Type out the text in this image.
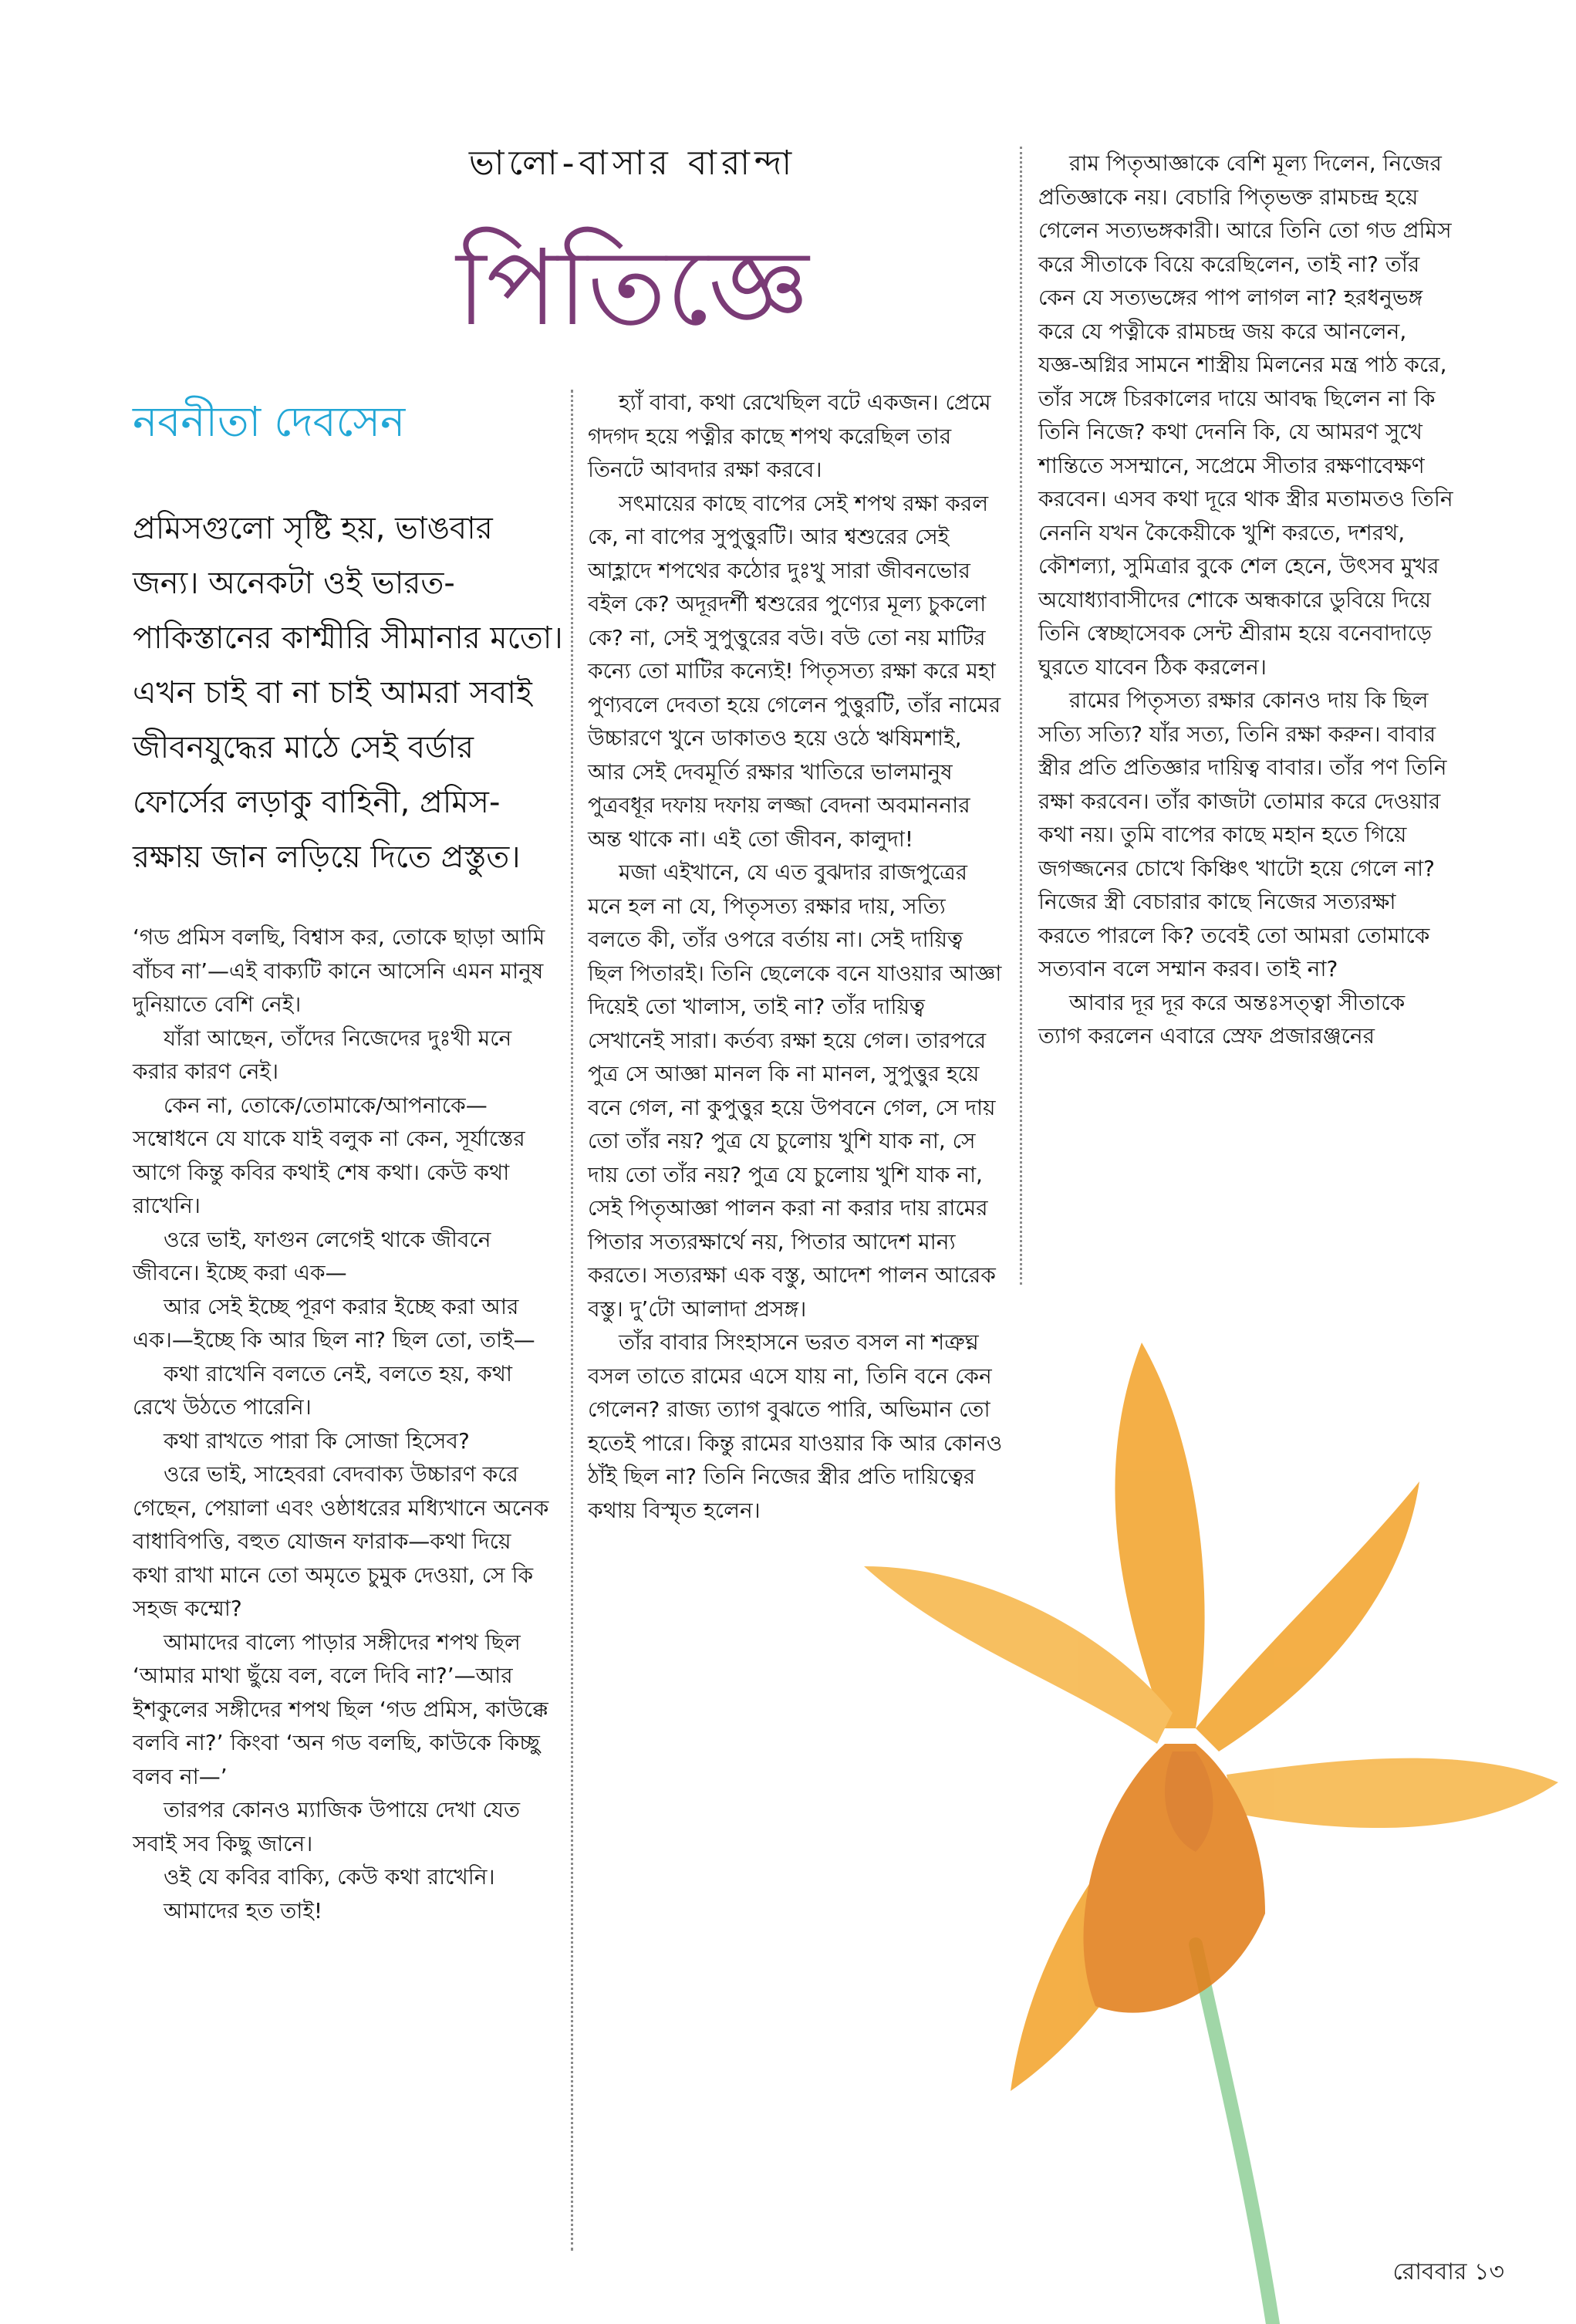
ভালো-বাসার বারান্দা
পিতিজ্ঞে
নবনীতা দেবসেন

প্রমিসগুলো সৃষ্টি হয়, ভাঙবার জন্য। অনেকটা ওই ভারত-পাকিস্তানের কাশ্মীরি সীমানার মতো। এখন চাই বা না চাই আমরা সবাই জীবনযুদ্ধের মাঠে সেই বর্ডার ফোর্সের লড়াকু বাহিনী, প্রমিস-রক্ষায় জান লড়িয়ে দিতে প্রস্তুত।

‘গড প্রমিস বলছি, বিশ্বাস কর, তোকে ছাড়া আমি বাঁচব না’—এই বাক্যটি কানে আসেনি এমন মানুষ দুনিয়াতে বেশি নেই।

যাঁরা আছেন, তাঁদের নিজেদের দুঃখী মনে করার কারণ নেই।

কেন না, তোকে/তোমাকে/আপনাকে—সম্বোধনে যে যাকে যাই বলুক না কেন, সূর্যাস্তের আগে কিন্তু কবির কথাই শেষ কথা। কেউ কথা রাখেনি।

ওরে ভাই, ফাগুন লেগেই থাকে জীবনে জীবনে। ইচ্ছে করা এক—

আর সেই ইচ্ছে পূরণ করার ইচ্ছে করা আর এক।—ইচ্ছে কি আর ছিল না? ছিল তো, তাই—

কথা রাখেনি বলতে নেই, বলতে হয়, কথা রেখে উঠতে পারেনি।

কথা রাখতে পারা কি সোজা হিসেব?

ওরে ভাই, সাহেবরা বেদবাক্য উচ্চারণ করে গেছেন, পেয়ালা এবং ওষ্ঠাধরের মধ্যিখানে অনেক বাধাবিপত্তি, বহুত যোজন ফারাক—কথা দিয়ে কথা রাখা মানে তো অমৃতে চুমুক দেওয়া, সে কি সহজ কম্মো?

আমাদের বাল্যে পাড়ার সঙ্গীদের শপথ ছিল ‘আমার মাথা ছুঁয়ে বল, বলে দিবি না?’—আর ইশকুলের সঙ্গীদের শপথ ছিল ‘গড প্রমিস, কাউক্কে বলবি না?’ কিংবা ‘অন গড বলছি, কাউকে কিচ্ছু বলব না—’

তারপর কোনও ম্যাজিক উপায়ে দেখা যেত সবাই সব কিছু জানে।

ওই যে কবির বাক্যি, কেউ কথা রাখেনি।

আমাদের হত তাই!

হ্যাঁ বাবা, কথা রেখেছিল বটে একজন। প্রেমে গদগদ হয়ে পত্নীর কাছে শপথ করেছিল তার তিনটে আবদার রক্ষা করবে।

সৎমায়ের কাছে বাপের সেই শপথ রক্ষা করল কে, না বাপের সুপুত্তুরটি। আর শ্বশুরের সেই আহ্লাদে শপথের কঠোর দুঃখু সারা জীবনভোর বইল কে? অদূরদর্শী শ্বশুরের পুণ্যের মূল্য চুকলো কে? না, সেই সুপুত্তুরের বউ। বউ তো নয় মাটির কন্যে তো মাটির কন্যেই! পিতৃসত্য রক্ষা করে মহা পুণ্যবলে দেবতা হয়ে গেলেন পুত্তুরটি, তাঁর নামের উচ্চারণে খুনে ডাকাতও হয়ে ওঠে ঋষিমশাই, আর সেই দেবমূর্তি রক্ষার খাতিরে ভালমানুষ পুত্রবধূর দফায় দফায় লজ্জা বেদনা অবমাননার অন্ত থাকে না। এই তো জীবন, কালুদা!

মজা এইখানে, যে এত বুঝদার রাজপুত্রের মনে হল না যে, পিতৃসত্য রক্ষার দায়, সত্যি বলতে কী, তাঁর ওপরে বর্তায় না। সেই দায়িত্ব ছিল পিতারই। তিনি ছেলেকে বনে যাওয়ার আজ্ঞা দিয়েই তো খালাস, তাই না? তাঁর দায়িত্ব সেখানেই সারা। কর্তব্য রক্ষা হয়ে গেল। তারপরে পুত্র সে আজ্ঞা মানল কি না মানল, সুপুত্তুর হয়ে বনে গেল, না কুপুত্তুর হয়ে উপবনে গেল, সে দায় তো তাঁর নয়? পুত্র যে চুলোয় খুশি যাক না, সে দায় তো তাঁর নয়? পুত্র যে চুলোয় খুশি যাক না, সেই পিতৃআজ্ঞা পালন করা না করার দায় রামের পিতার সত্যরক্ষার্থে নয়, পিতার আদেশ মান্য করতে। সত্যরক্ষা এক বস্তু, আদেশ পালন আরেক বস্তু। দু’টো আলাদা প্রসঙ্গ।

তাঁর বাবার সিংহাসনে ভরত বসল না শত্রুঘ্ন বসল তাতে রামের এসে যায় না, তিনি বনে কেন গেলেন? রাজ্য ত্যাগ বুঝতে পারি, অভিমান তো হতেই পারে। কিন্তু রামের যাওয়ার কি আর কোনও ঠাঁই ছিল না? তিনি নিজের স্ত্রীর প্রতি দায়িত্বের কথায় বিস্মৃত হলেন।

রাম পিতৃআজ্ঞাকে বেশি মূল্য দিলেন, নিজের প্রতিজ্ঞাকে নয়। বেচারি পিতৃভক্ত রামচন্দ্র হয়ে গেলেন সত্যভঙ্গকারী। আরে তিনি তো গড প্রমিস করে সীতাকে বিয়ে করেছিলেন, তাই না? তাঁর কেন যে সত্যভঙ্গের পাপ লাগল না? হরধনুভঙ্গ করে যে পত্নীকে রামচন্দ্র জয় করে আনলেন, যজ্ঞ-অগ্নির সামনে শাস্ত্রীয় মিলনের মন্ত্র পাঠ করে, তাঁর সঙ্গে চিরকালের দায়ে আবদ্ধ ছিলেন না কি তিনি নিজে? কথা দেননি কি, যে আমরণ সুখে শান্তিতে সসম্মানে, সপ্রেমে সীতার রক্ষণাবেক্ষণ করবেন। এসব কথা দূরে থাক স্ত্রীর মতামতও তিনি নেননি যখন কৈকেয়ীকে খুশি করতে, দশরথ, কৌশল্যা, সুমিত্রার বুকে শেল হেনে, উৎসব মুখর অযোধ্যাবাসীদের শোকে অন্ধকারে ডুবিয়ে দিয়ে তিনি স্বেচ্ছাসেবক সেন্ট শ্রীরাম হয়ে বনেবাদাড়ে ঘুরতে যাবেন ঠিক করলেন।

রামের পিতৃসত্য রক্ষার কোনও দায় কি ছিল সত্যি সত্যি? যাঁর সত্য, তিনি রক্ষা করুন। বাবার স্ত্রীর প্রতি প্রতিজ্ঞার দায়িত্ব বাবার। তাঁর পণ তিনি রক্ষা করবেন। তাঁর কাজটা তোমার করে দেওয়ার কথা নয়। তুমি বাপের কাছে মহান হতে গিয়ে জগজ্জনের চোখে কিঞ্চিৎ খাটো হয়ে গেলে না? নিজের স্ত্রী বেচারার কাছে নিজের সত্যরক্ষা করতে পারলে কি? তবেই তো আমরা তোমাকে সত্যবান বলে সম্মান করব। তাই না?

আবার দূর দূর করে অন্তঃসত্ত্বা সীতাকে ত্যাগ করলেন এবারে স্রেফ প্রজারঞ্জনের

রোববার ১৩
